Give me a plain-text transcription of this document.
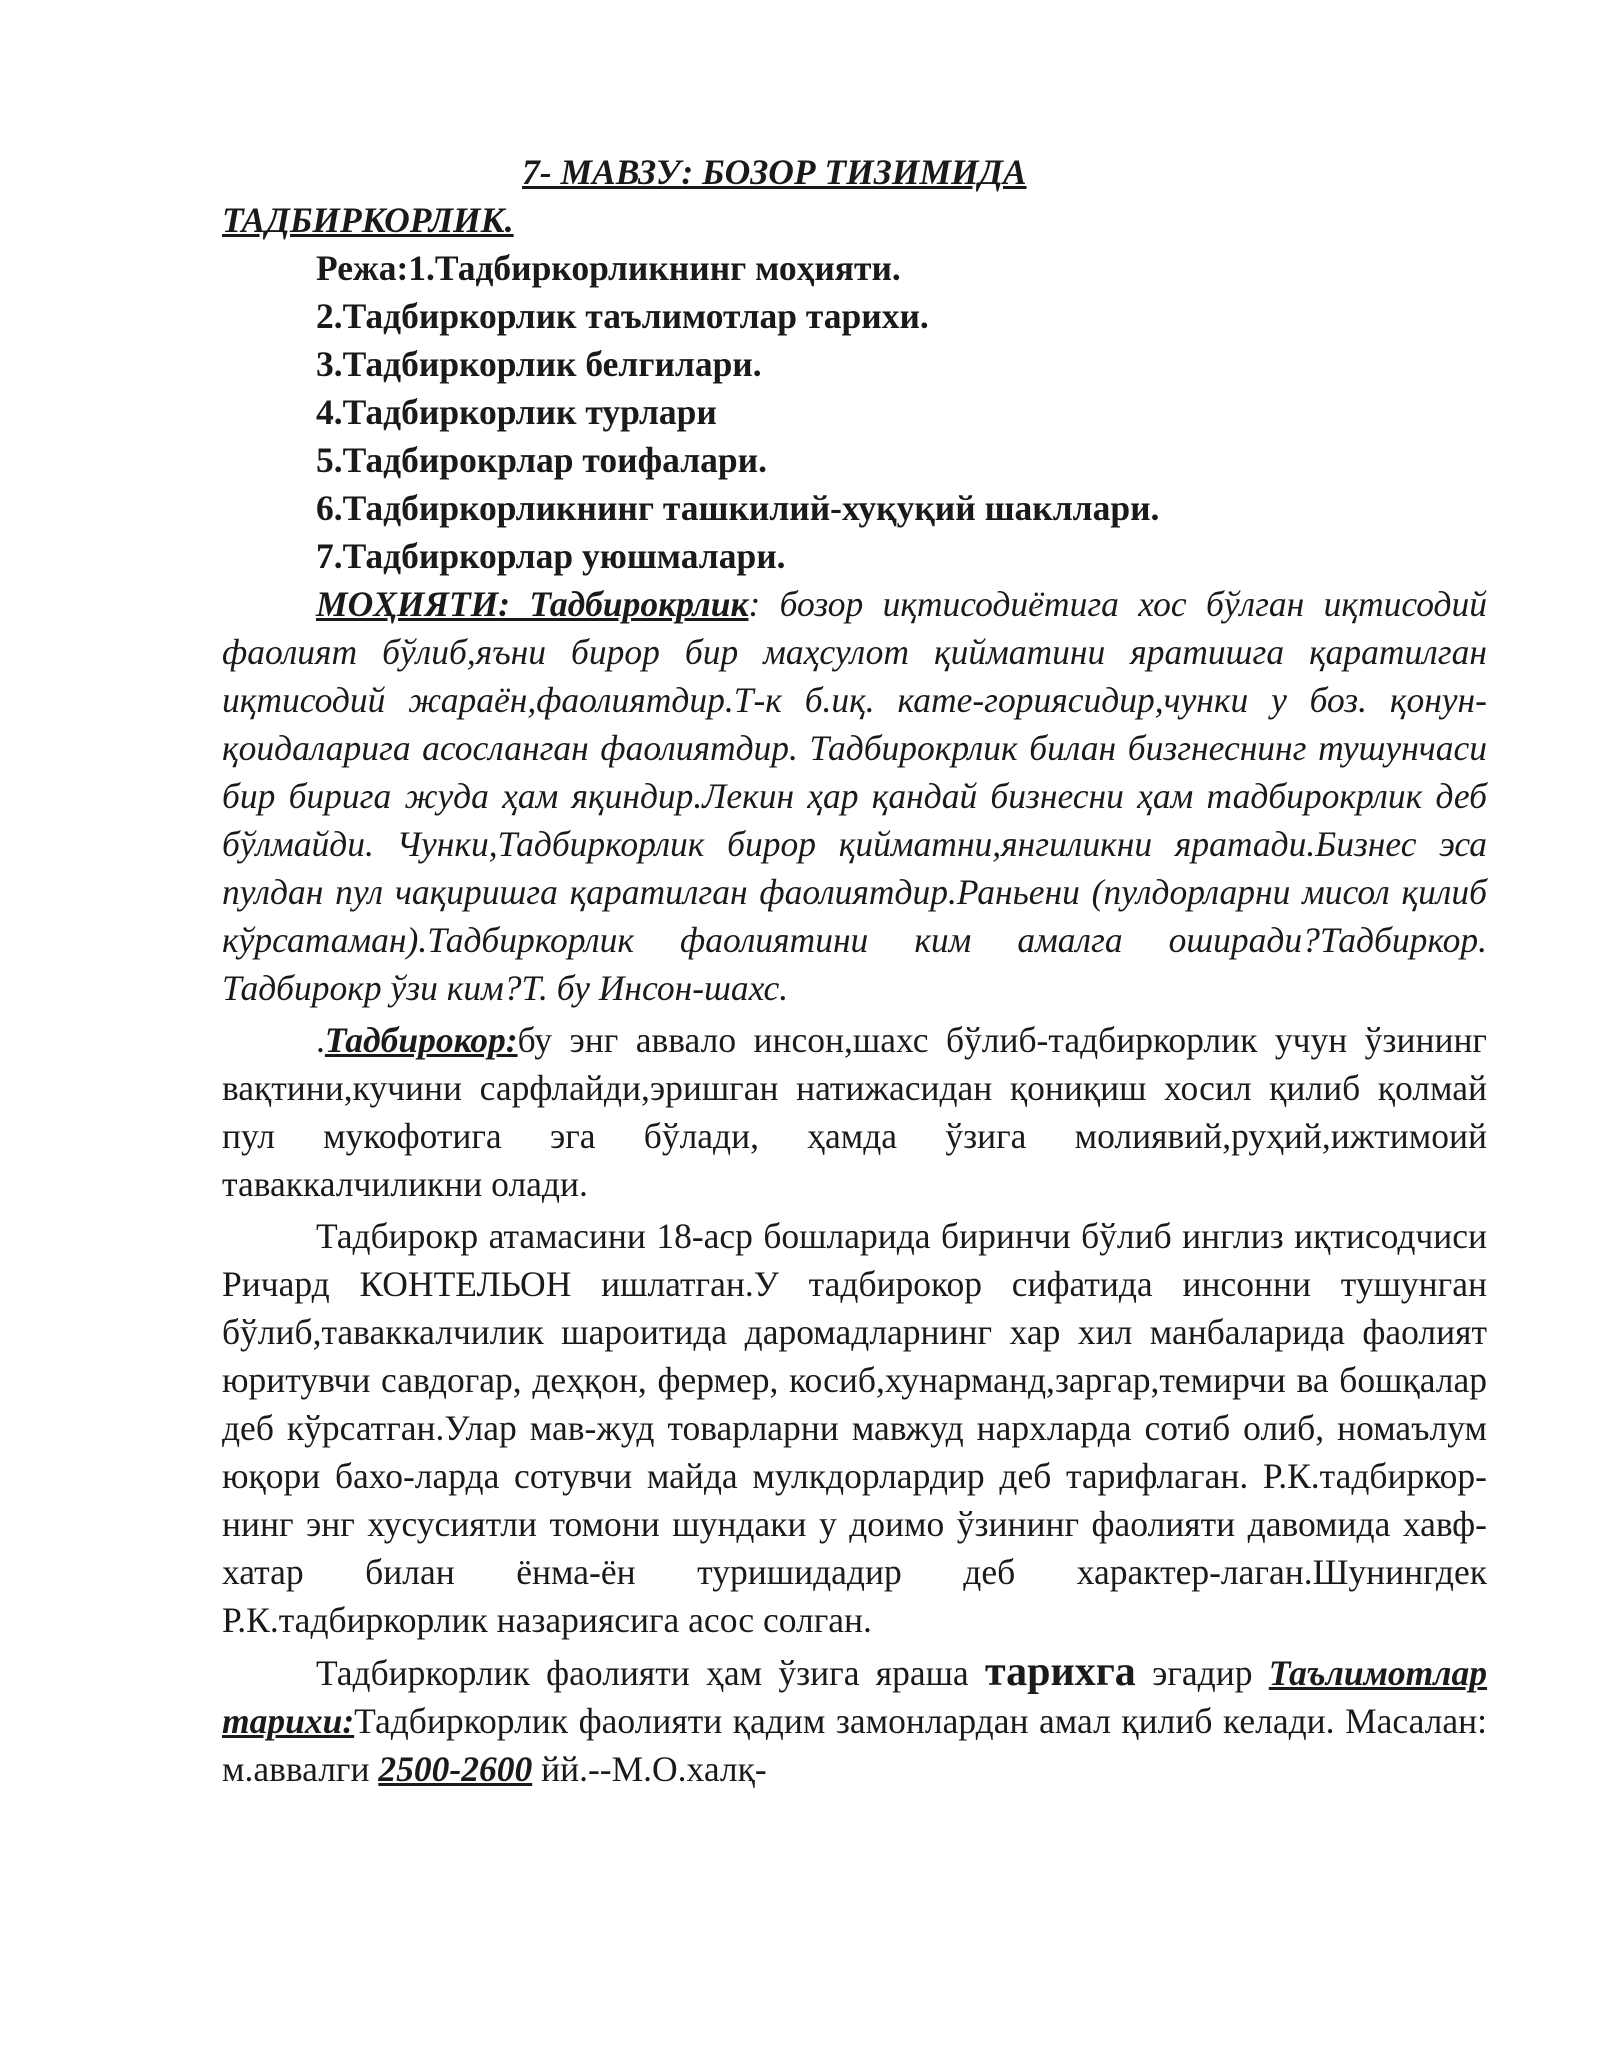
7- МАВЗУ: БОЗОР ТИЗИМИДА
ТАДБИРКОРЛИК.
Режа:1.Тадбиркорликнинг моҳияти.
2.Тадбиркорлик таълимотлар тарихи.
3.Тадбиркорлик белгилари.
4.Тадбиркорлик турлари
5.Тадбирокрлар тоифалари.
6.Тадбиркорликнинг ташкилий-хуқуқий шакллари.
7.Тадбиркорлар уюшмалари.

МОҲИЯТИ: Тадбирокрлик: бозор иқтисодиётига хос бўлган иқтисодий фаолият бўлиб,яъни бирор бир маҳсулот қийматини яратишга қаратилган иқтисодий жараён,фаолиятдир.Т-к б.иқ. кате-гориясидир,чунки у боз. қонун-қоидаларига асосланган фаолиятдир. Тадбирокрлик билан бизгнеснинг тушунчаси бир бирига жуда ҳам яқиндир.Лекин ҳар қандай бизнесни ҳам тадбирокрлик деб бўлмайди. Чунки,Тадбиркорлик бирор қийматни,янгиликни яратади.Бизнес эса пулдан пул чақиришга қаратилган фаолиятдир.Раньени (пулдорларни мисол қилиб кўрсатаман).Тадбиркорлик фаолиятини ким амалга оширади?Тадбиркор. Тадбирокр ўзи ким?Т. бу Инсон-шахс.

.Тадбирокор:бу энг аввало инсон,шахс бўлиб-тадбиркорлик учун ўзининг вақтини,кучини сарфлайди,эришган натижасидан қониқиш хосил қилиб қолмай пул мукофотига эга бўлади, ҳамда ўзига молиявий,руҳий,ижтимоий таваккалчиликни олади.

Тадбирокр атамасини 18-аср бошларида биринчи бўлиб инглиз иқтисодчиси Ричард КОНТЕЛЬОН ишлатган.У тадбирокор сифатида инсонни тушунган бўлиб,таваккалчилик шароитида даромадларнинг хар хил манбаларида фаолият юритувчи савдогар, деҳқон, фермер, косиб,хунарманд,заргар,темирчи ва бошқалар деб кўрсатган.Улар мав-жуд товарларни мавжуд нархларда сотиб олиб, номаълум юқори бахо-ларда сотувчи майда мулкдорлардир деб тарифлаган. Р.К.тадбиркор-нинг энг хусусиятли томони шундаки у доимо ўзининг фаолияти давомида хавф-хатар билан ёнма-ён туришидадир деб характер-лаган.Шунингдек Р.К.тадбиркорлик назариясига асос солган.

Тадбиркорлик фаолияти ҳам ўзига яраша тарихга эгадир Таълимотлар тарихи:Тадбиркорлик фаолияти қадим замонлардан амал қилиб келади. Масалан: м.аввалги 2500-2600 йй.--М.О.халқ-
